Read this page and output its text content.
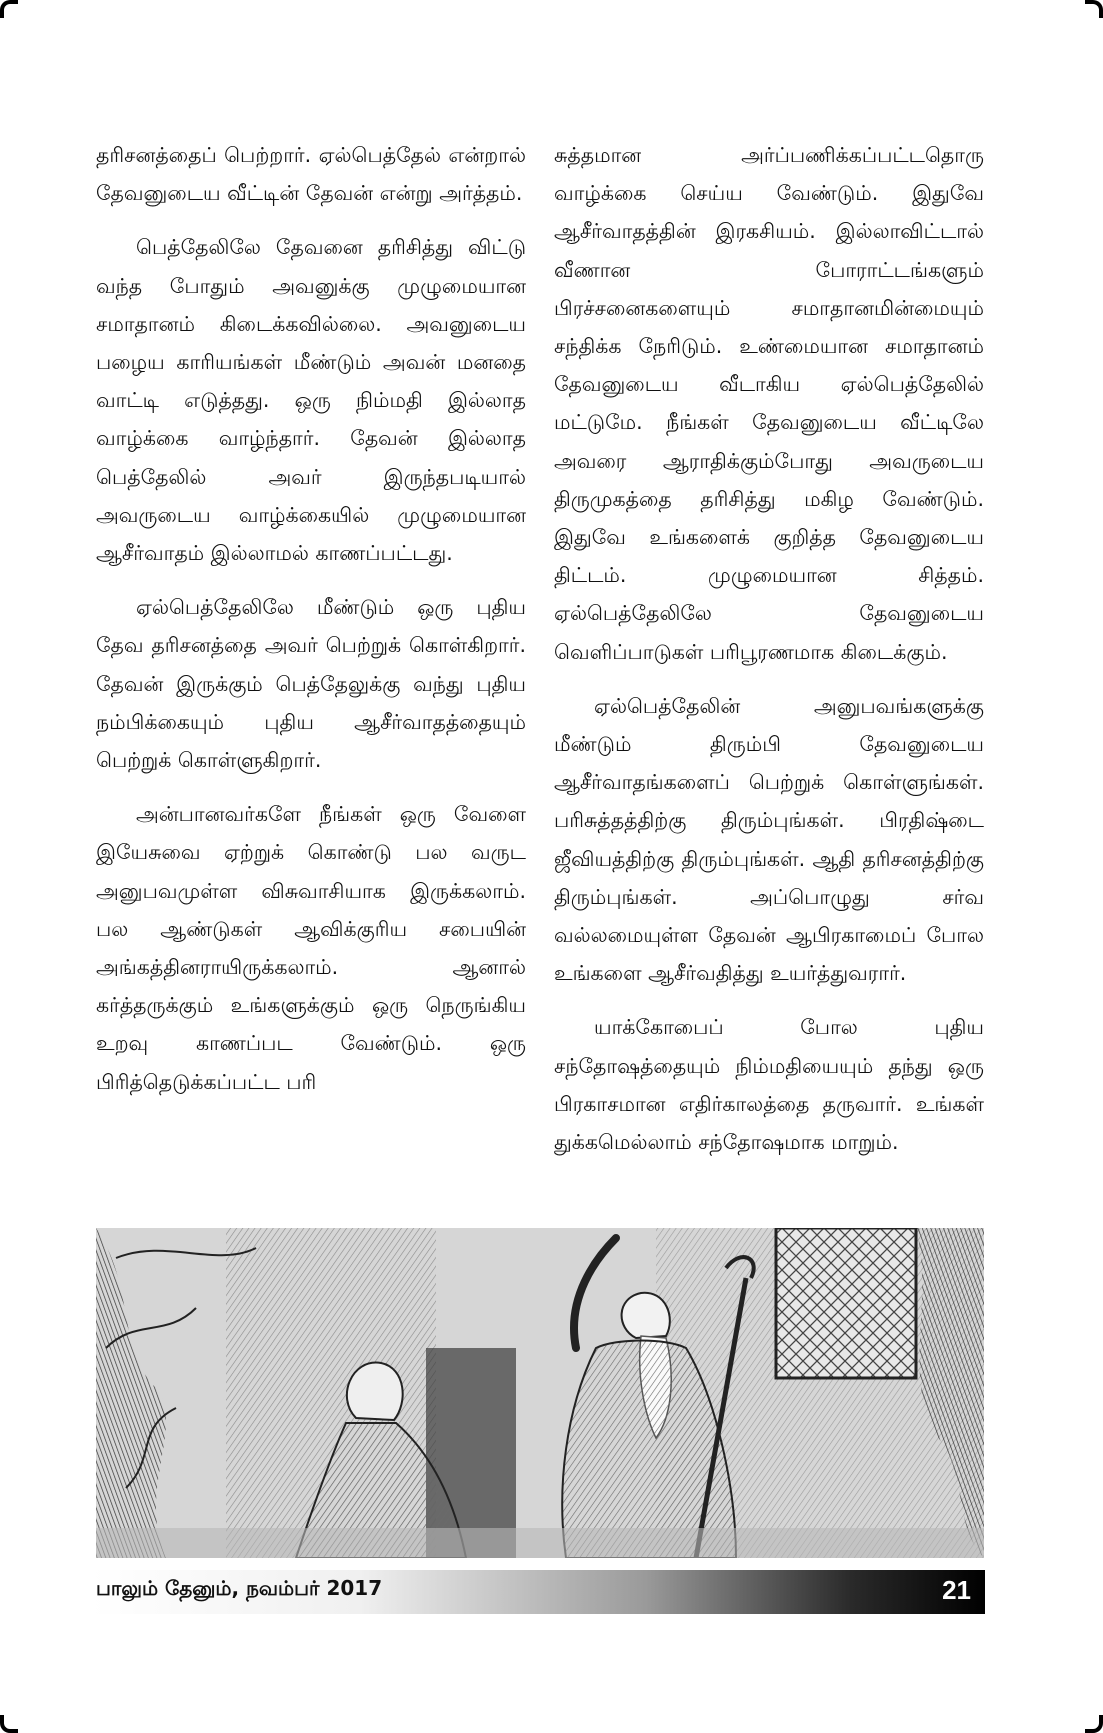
தரிசனத்தைப் பெற்றார். ஏல்பெத்தேல் என்றால் தேவனுடைய வீட்டின் தேவன் என்று அர்த்தம்.

பெத்தேலிலே தேவனை தரிசித்து விட்டு வந்த போதும் அவனுக்கு முழுமையான சமாதானம் கிடைக்கவில்லை. அவனுடைய பழைய காரியங்கள் மீண்டும் அவன் மனதை வாட்டி எடுத்தது. ஒரு நிம்மதி இல்லாத வாழ்க்கை வாழ்ந்தார். தேவன் இல்லாத பெத்தேலில் அவர் இருந்தபடியால் அவருடைய வாழ்க்கையில் முழுமையான ஆசீர்வாதம் இல்லாமல் காணப்பட்டது.

ஏல்பெத்தேலிலே மீண்டும் ஒரு புதிய தேவ தரிசனத்தை அவர் பெற்றுக் கொள்கிறார். தேவன் இருக்கும் பெத்தேலுக்கு வந்து புதிய நம்பிக்கையும் புதிய ஆசீர்வாதத்தையும் பெற்றுக் கொள்ளுகிறார்.

அன்பானவர்களே நீங்கள் ஒரு வேளை இயேசுவை ஏற்றுக் கொண்டு பல வருட அனுபவமுள்ள விசுவாசியாக இருக்கலாம். பல ஆண்டுகள் ஆவிக்குரிய சபையின் அங்கத்தினராயிருக்கலாம். ஆனால் கர்த்தருக்கும் உங்களுக்கும் ஒரு நெருங்கிய உறவு காணப்பட வேண்டும். ஒரு பிரித்தெடுக்கப்பட்ட பரி

சுத்தமான அர்ப்பணிக்கப்பட்டதொரு வாழ்க்கை செய்ய வேண்டும். இதுவே ஆசீர்வாதத்தின் இரகசியம். இல்லாவிட்டால் வீணான போராட்டங்களும் பிரச்சனைகளையும் சமாதானமின்மையும் சந்திக்க நேரிடும். உண்மையான சமாதானம் தேவனுடைய வீடாகிய ஏல்பெத்தேலில் மட்டுமே. நீங்கள் தேவனுடைய வீட்டிலே அவரை ஆராதிக்கும்போது அவருடைய திருமுகத்தை தரிசித்து மகிழ வேண்டும். இதுவே உங்களைக் குறித்த தேவனுடைய திட்டம். முழுமையான சித்தம். ஏல்பெத்தேலிலே தேவனுடைய வெளிப்பாடுகள் பரிபூரணமாக கிடைக்கும்.

ஏல்பெத்தேலின் அனுபவங்களுக்கு மீண்டும் திரும்பி தேவனுடைய ஆசீர்வாதங்களைப் பெற்றுக் கொள்ளுங்கள். பரிசுத்தத்திற்கு திரும்புங்கள். பிரதிஷ்டை ஜீவியத்திற்கு திரும்புங்கள். ஆதி தரிசனத்திற்கு திரும்புங்கள். அப்பொழுது சர்வ வல்லமையுள்ள தேவன் ஆபிரகாமைப் போல உங்களை ஆசீர்வதித்து உயர்த்துவரார்.

யாக்கோபைப் போல புதிய சந்தோஷத்தையும் நிம்மதியையும் தந்து ஒரு பிரகாசமான எதிர்காலத்தை தருவார். உங்கள் துக்கமெல்லாம் சந்தோஷமாக மாறும்.

பாலும் தேனும், நவம்பர் 2017	21
